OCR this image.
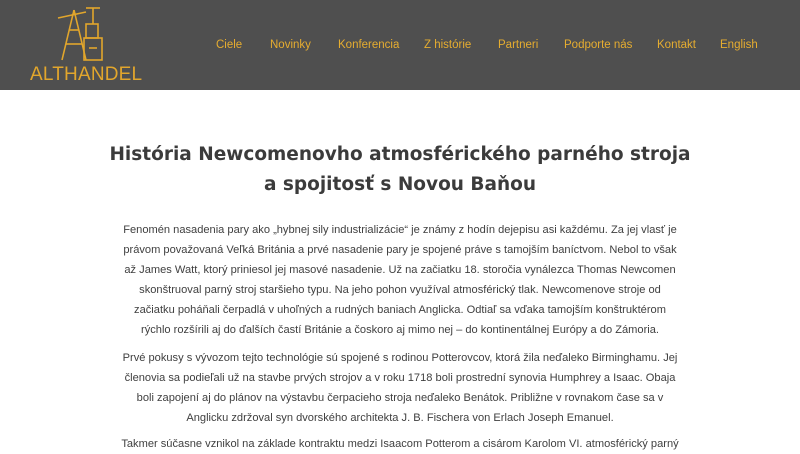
ALTHANDEL
Ciele Novinky Konferencia Z histórie Partneri Podporte nás Kontakt English
História Newcomenovho atmosférického parného stroja
a spojitosť s Novou Baňou

Fenomén nasadenia pary ako „hybnej sily industrializácie“ je známy z hodín dejepisu asi každému. Za jej vlasť je
právom považovaná Veľká Británia a prvé nasadenie pary je spojené práve s tamojším baníctvom. Nebol to však
až James Watt, ktorý priniesol jej masové nasadenie. Už na začiatku 18. storočia vynálezca Thomas Newcomen
skonštruoval parný stroj staršieho typu. Na jeho pohon využíval atmosférický tlak. Newcomenove stroje od
začiatku poháňali čerpadlá v uhoľných a rudných baniach Anglicka. Odtiaľ sa vďaka tamojším konštruktérom
rýchlo rozšírili aj do ďalších častí Británie a čoskoro aj mimo nej – do kontinentálnej Európy a do Zámoria.

Prvé pokusy s vývozom tejto technológie sú spojené s rodinou Potterovcov, ktorá žila neďaleko Birminghamu. Jej
členovia sa podieľali už na stavbe prvých strojov a v roku 1718 boli prostrední synovia Humphrey a Isaac. Obaja
boli zapojení aj do plánov na výstavbu čerpacieho stroja neďaleko Benátok. Približne v rovnakom čase sa v
Anglicku zdržoval syn dvorského architekta J. B. Fischera von Erlach Joseph Emanuel.

Takmer súčasne vznikol na základe kontraktu medzi Isaacom Potterom a cisárom Karolom VI. atmosférický parný
